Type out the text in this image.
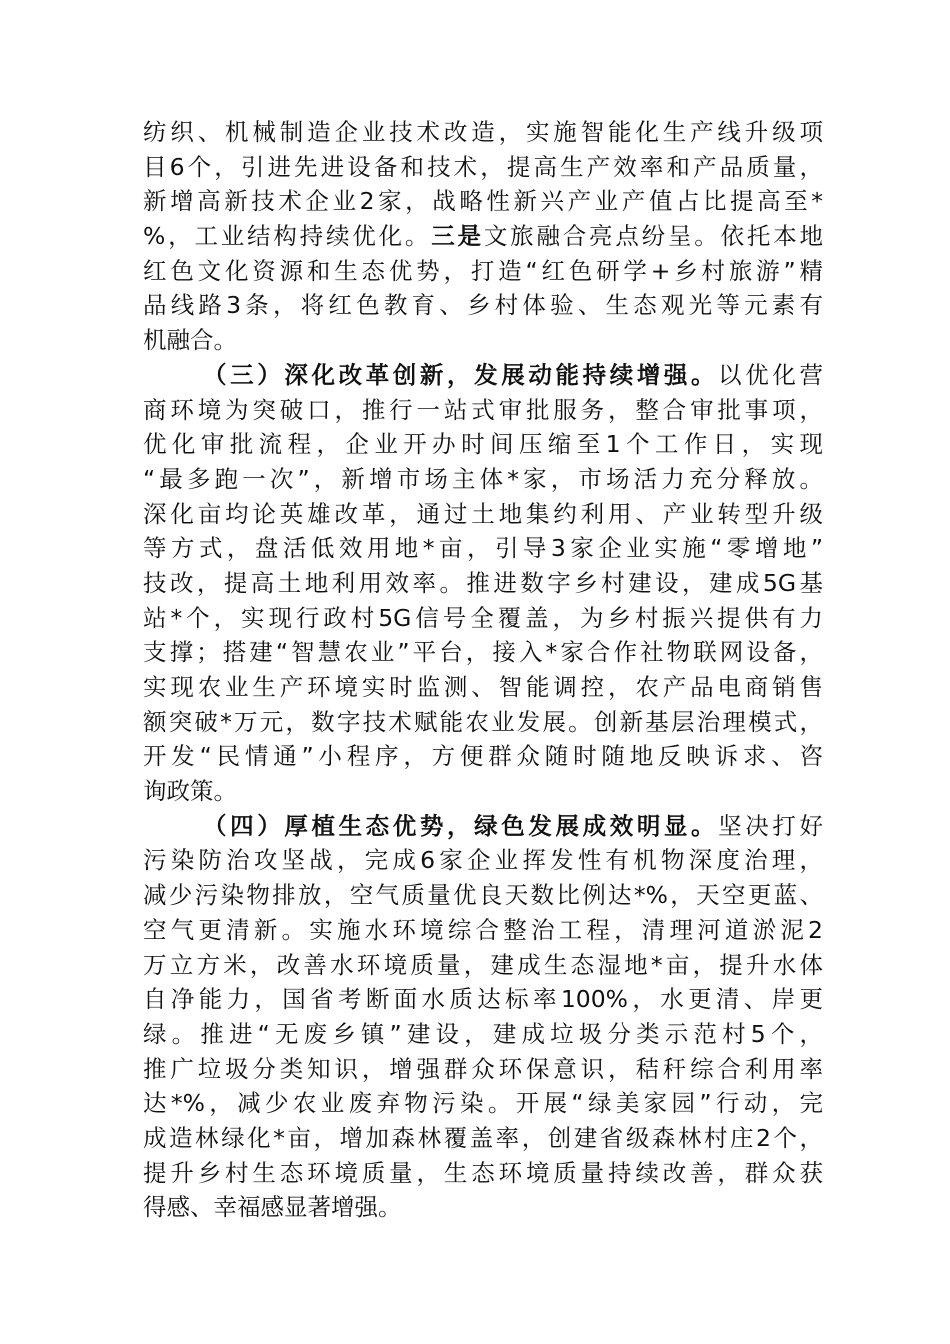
纺织、机械制造企业技术改造，实施智能化生产线升级项
目6个，引进先进设备和技术，提高生产效率和产品质量，
新增高新技术企业2家，战略性新兴产业产值占比提高至*
%，工业结构持续优化。三是文旅融合亮点纷呈。依托本地
红色文化资源和生态优势，打造“红色研学+乡村旅游”精
品线路3条，将红色教育、乡村体验、生态观光等元素有
机融合。
（三）深化改革创新，发展动能持续增强。以优化营
商环境为突破口，推行一站式审批服务，整合审批事项，
优化审批流程，企业开办时间压缩至1个工作日，实现
“最多跑一次”，新增市场主体*家，市场活力充分释放。
深化亩均论英雄改革，通过土地集约利用、产业转型升级
等方式，盘活低效用地*亩，引导3家企业实施“零增地”
技改，提高土地利用效率。推进数字乡村建设，建成5G基
站*个，实现行政村5G信号全覆盖，为乡村振兴提供有力
支撑；搭建“智慧农业”平台，接入*家合作社物联网设备，
实现农业生产环境实时监测、智能调控，农产品电商销售
额突破*万元，数字技术赋能农业发展。创新基层治理模式，
开发“民情通”小程序，方便群众随时随地反映诉求、咨
询政策。
（四）厚植生态优势，绿色发展成效明显。坚决打好
污染防治攻坚战，完成6家企业挥发性有机物深度治理，
减少污染物排放，空气质量优良天数比例达*%，天空更蓝、
空气更清新。实施水环境综合整治工程，清理河道淤泥2
万立方米，改善水环境质量，建成生态湿地*亩，提升水体
自净能力，国省考断面水质达标率100%，水更清、岸更
绿。推进“无废乡镇”建设，建成垃圾分类示范村5个，
推广垃圾分类知识，增强群众环保意识，秸秆综合利用率
达*%，减少农业废弃物污染。开展“绿美家园”行动，完
成造林绿化*亩，增加森林覆盖率，创建省级森林村庄2个，
提升乡村生态环境质量，生态环境质量持续改善，群众获
得感、幸福感显著增强。
